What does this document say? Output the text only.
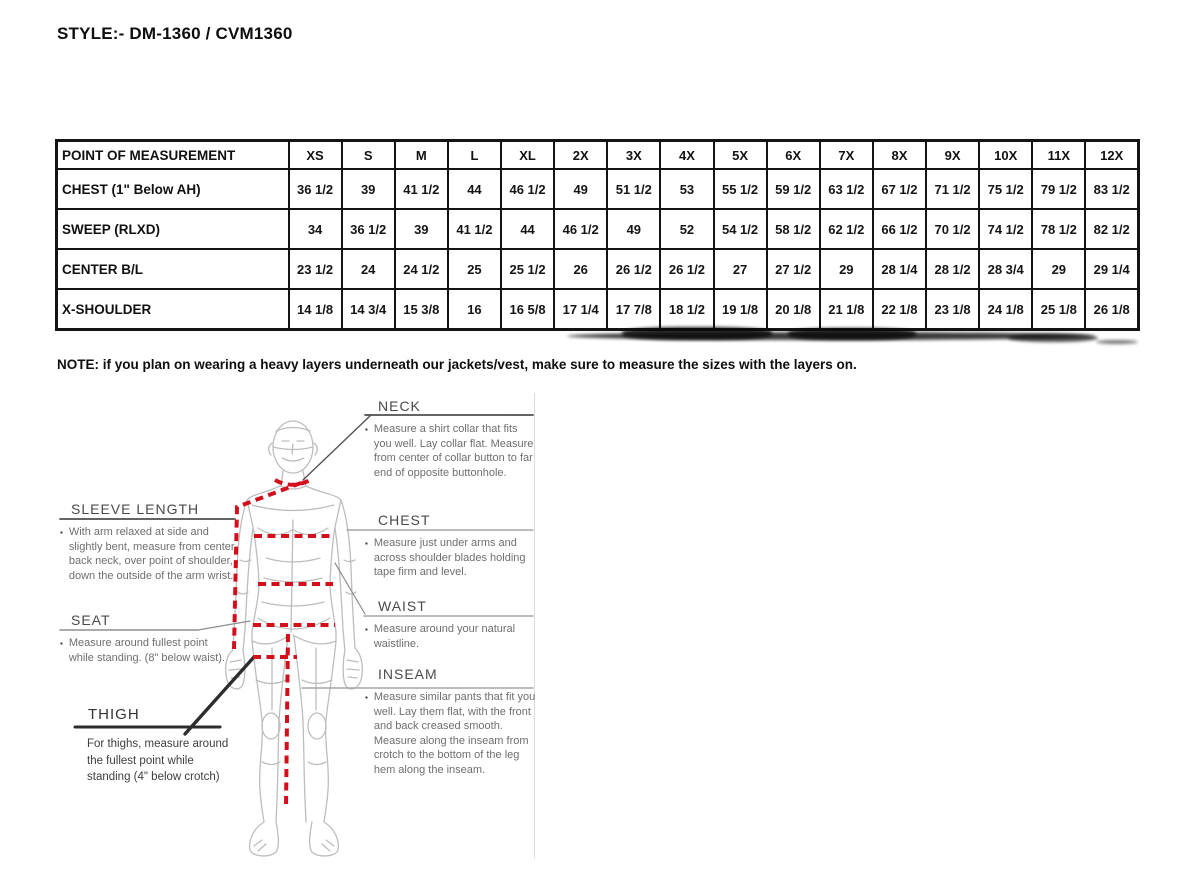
STYLE:- DM-1360 / CVM1360
POINT OF MEASUREMENT	XS	S	M	L	XL	2X	3X	4X	5X	6X	7X	8X	9X	10X	11X	12X
CHEST (1" Below AH)	36 1/2	39	41 1/2	44	46 1/2	49	51 1/2	53	55 1/2	59 1/2	63 1/2	67 1/2	71 1/2	75 1/2	79 1/2	83 1/2
SWEEP (RLXD)	34	36 1/2	39	41 1/2	44	46 1/2	49	52	54 1/2	58 1/2	62 1/2	66 1/2	70 1/2	74 1/2	78 1/2	82 1/2
CENTER B/L	23 1/2	24	24 1/2	25	25 1/2	26	26 1/2	26 1/2	27	27 1/2	29	28 1/4	28 1/2	28 3/4	29	29 1/4
X-SHOULDER	14 1/8	14 3/4	15 3/8	16	16 5/8	17 1/4	17 7/8	18 1/2	19 1/8	20 1/8	21 1/8	22 1/8	23 1/8	24 1/8	25 1/8	26 1/8
NOTE: if you plan on wearing a heavy layers underneath our jackets/vest, make sure to measure the sizes with the layers on.
NECK
▪ Measure a shirt collar that fits you well. Lay collar flat. Measure from center of collar button to far end of opposite buttonhole.
SLEEVE LENGTH
▪ With arm relaxed at side and slightly bent, measure from center back neck, over point of shoulder, down the outside of the arm wrist.
CHEST
▪ Measure just under arms and across shoulder blades holding tape firm and level.
WAIST
▪ Measure around your natural waistline.
SEAT
▪ Measure around fullest point while standing. (8" below waist).
INSEAM
▪ Measure similar pants that fit you well. Lay them flat, with the front and back creased smooth. Measure along the inseam from crotch to the bottom of the leg hem along the inseam.
THIGH
For thighs, measure around the fullest point while standing (4" below crotch)
